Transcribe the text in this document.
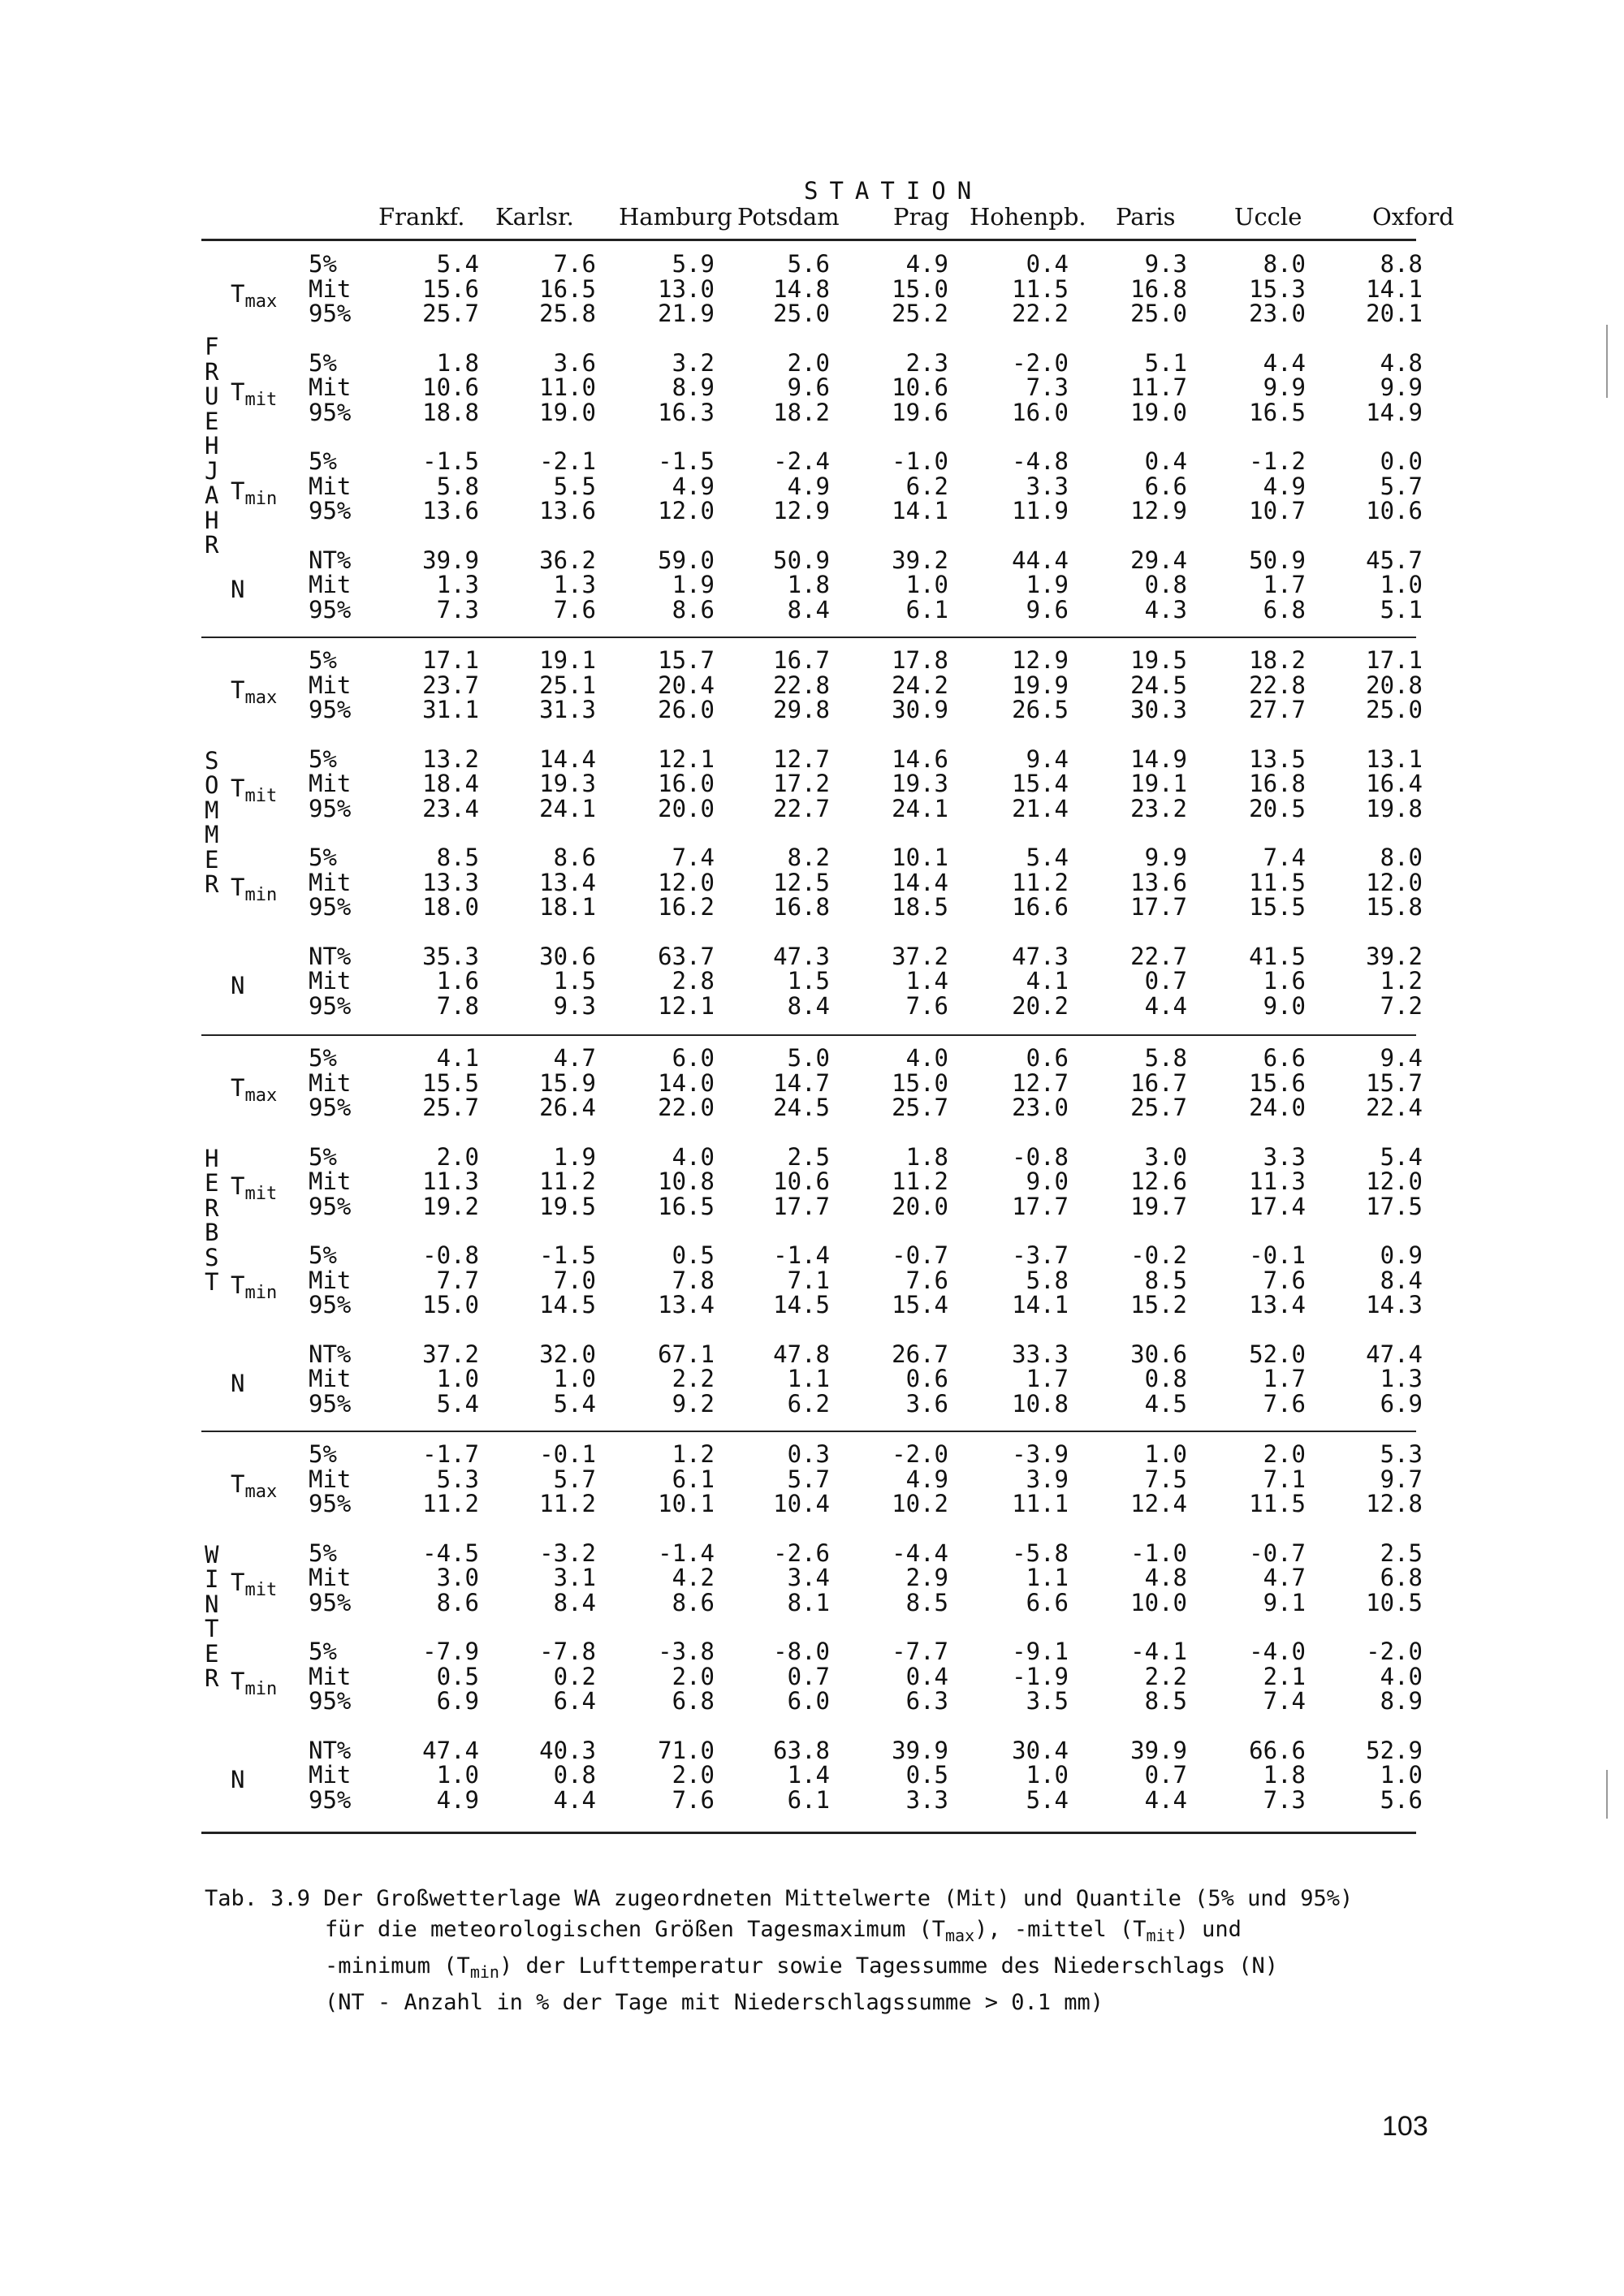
STATION
Frankf. Karlsr. Hamburg Potsdam Prag Hohenpb. Paris Uccle	Oxford
$T_{max}$
5%	5.4	7.6	5.9	5.6	4.9	0.4	9.3	8.0	8.8
Mit	15.6	16.5	13.0	14.8	15.0	11.5	16.8	15.3	14.1
95%	25.7	25.8	21.9	25.0	25.2	22.2	25.0	23.0	20.1
$T_{mit}$
5%	1.8	3.6	3.2	2.0	2.3	-2.0	5.1	4.4	4.8
Mit	10.6	11.0	8.9	9.6	10.6	7.3	11.7	9.9	9.9
95%	18.8	19.0	16.3	18.2	19.6	16.0	19.0	16.5	14.9
$T_{min}$
5%	-1.5	-2.1	-1.5	-2.4	-1.0	-4.8	0.4	-1.2	0.0
Mit	5.8	5.5	4.9	4.9	6.2	3.3	6.6	4.9	5.7
95%	13.6	13.6	12.0	12.9	14.1	11.9	12.9	10.7	10.6
N
NT%	39.9	36.2	59.0	50.9	39.2	44.4	29.4	50.9	45.7
Mit	1.3	1.3	1.9	1.8	1.0	1.9	0.8	1.7	1.0
95%	7.3	7.6	8.6	8.4	6.1	9.6	4.3	6.8	5.1
F
R
U
E
H
J
A
H
R
$T_{max}$
5%	17.1	19.1	15.7	16.7	17.8	12.9	19.5	18.2	17.1
Mit	23.7	25.1	20.4	22.8	24.2	19.9	24.5	22.8	20.8
95%	31.1	31.3	26.0	29.8	30.9	26.5	30.3	27.7	25.0
$T_{mit}$
5%	13.2	14.4	12.1	12.7	14.6	9.4	14.9	13.5	13.1
Mit	18.4	19.3	16.0	17.2	19.3	15.4	19.1	16.8	16.4
95%	23.4	24.1	20.0	22.7	24.1	21.4	23.2	20.5	19.8
$T_{min}$
5%	8.5	8.6	7.4	8.2	10.1	5.4	9.9	7.4	8.0
Mit	13.3	13.4	12.0	12.5	14.4	11.2	13.6	11.5	12.0
95%	18.0	18.1	16.2	16.8	18.5	16.6	17.7	15.5	15.8
N
NT%	35.3	30.6	63.7	47.3	37.2	47.3	22.7	41.5	39.2
Mit	1.6	1.5	2.8	1.5	1.4	4.1	0.7	1.6	1.2
95%	7.8	9.3	12.1	8.4	7.6	20.2	4.4	9.0	7.2
S
O
M
M
E
R
$T_{max}$
5%	4.1	4.7	6.0	5.0	4.0	0.6	5.8	6.6	9.4
Mit	15.5	15.9	14.0	14.7	15.0	12.7	16.7	15.6	15.7
95%	25.7	26.4	22.0	24.5	25.7	23.0	25.7	24.0	22.4
$T_{mit}$
5%	2.0	1.9	4.0	2.5	1.8	-0.8	3.0	3.3	5.4
Mit	11.3	11.2	10.8	10.6	11.2	9.0	12.6	11.3	12.0
95%	19.2	19.5	16.5	17.7	20.0	17.7	19.7	17.4	17.5
$T_{min}$
5%	-0.8	-1.5	0.5	-1.4	-0.7	-3.7	-0.2	-0.1	0.9
Mit	7.7	7.0	7.8	7.1	7.6	5.8	8.5	7.6	8.4
95%	15.0	14.5	13.4	14.5	15.4	14.1	15.2	13.4	14.3
N
NT%	37.2	32.0	67.1	47.8	26.7	33.3	30.6	52.0	47.4
Mit	1.0	1.0	2.2	1.1	0.6	1.7	0.8	1.7	1.3
95%	5.4	5.4	9.2	6.2	3.6	10.8	4.5	7.6	6.9
H
E
R
B
S
T
$T_{max}$
5%	-1.7	-0.1	1.2	0.3	-2.0	-3.9	1.0	2.0	5.3
Mit	5.3	5.7	6.1	5.7	4.9	3.9	7.5	7.1	9.7
95%	11.2	11.2	10.1	10.4	10.2	11.1	12.4	11.5	12.8
$T_{mit}$
5%	-4.5	-3.2	-1.4	-2.6	-4.4	-5.8	-1.0	-0.7	2.5
Mit	3.0	3.1	4.2	3.4	2.9	1.1	4.8	4.7	6.8
95%	8.6	8.4	8.6	8.1	8.5	6.6	10.0	9.1	10.5
$T_{min}$
5%	-7.9	-7.8	-3.8	-8.0	-7.7	-9.1	-4.1	-4.0	-2.0
Mit	0.5	0.2	2.0	0.7	0.4	-1.9	2.2	2.1	4.0
95%	6.9	6.4	6.8	6.0	6.3	3.5	8.5	7.4	8.9
N
NT%	47.4	40.3	71.0	63.8	39.9	30.4	39.9	66.6	52.9
Mit	1.0	0.8	2.0	1.4	0.5	1.0	0.7	1.8	1.0
95%	4.9	4.4	7.6	6.1	3.3	5.4	4.4	7.3	5.6
W
I
N
T
E
R
Tab. 3.9 Der Großwetterlage WA zugeordneten Mittelwerte (Mit) und Quantile (5% und 95%)
für die meteorologischen Größen Tagesmaximum $(T_{max})$, -mittel $(T_{mit})$ und
-minimum $(T_{min})$ der Lufttemperatur sowie Tagessumme des Niederschlags (N)
(NT - Anzahl in % der Tage mit Niederschlagssumme > 0.1 mm)
103
